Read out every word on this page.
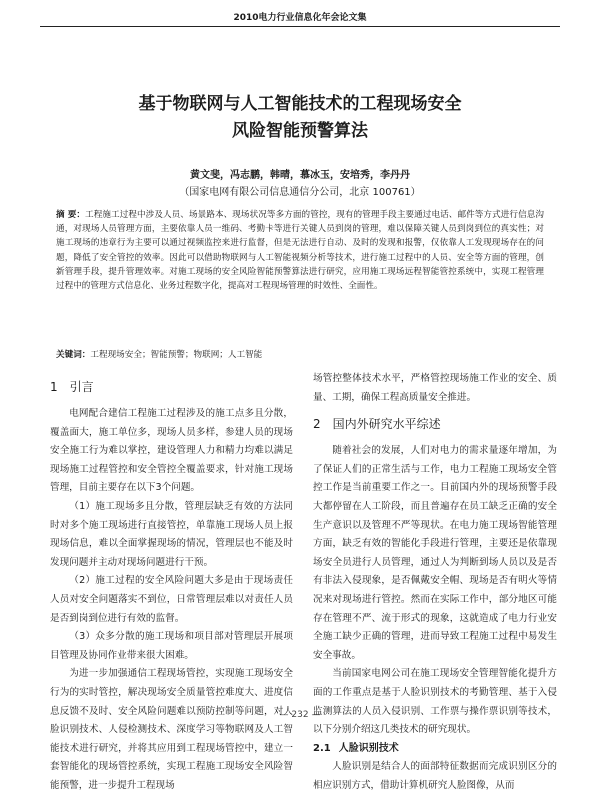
2010电力行业信息化年会论文集
基于物联网与人工智能技术的工程现场安全
风险智能预警算法
黄文斐，冯志鹏，韩晴，慕冰玉，安培秀，李丹丹
（国家电网有限公司信息通信分公司，北京 100761）
摘 要：工程施工过程中涉及人员、场景路本、现场状况等多方面的管控，现有的管理手段主要通过电话、邮件等方式进行信息沟通，对现场人员管理方面，主要依靠人员一维码、考勤卡等进行关键人员到岗的管理，难以保障关键人员到岗到位的真实性；对施工现场的违章行为主要可以通过视频监控来进行监督，但是无法进行自动、及时的发现和报警，仅依靠人工发现现场存在的问题，降低了安全管控的效率。因此可以借助物联网与人工智能视频分析等技术，进行施工过程中的人员、安全等方面的管理，创新管理手段，提升管理效率。对施工现场的安全风险智能预警算法进行研究，应用施工现场远程智能管控系统中，实现工程管理过程中的管理方式信息化、业务过程数字化，提高对工程现场管理的时效性、全面性。
关键词：工程现场安全；智能预警；物联网；人工智能
1 引言

电网配合建信工程施工过程涉及的施工点多且分散，覆盖面大，施工单位多，现场人员多样，参建人员的现场安全施工行为难以掌控，建设管理人力和精力均难以满足现场施工过程管控和安全管控全覆盖要求，针对施工现场管理，目前主要存在以下3个问题。

（1）施工现场多且分散，管理层缺乏有效的方法同时对多个施工现场进行直接管控，单靠施工现场人员上报现场信息，难以全面掌握现场的情况，管理层也不能及时发现问题并主动对现场问题进行干预。

（2）施工过程的安全风险问题大多是由于现场责任人员对安全问题落实不到位，日常管理层难以对责任人员是否到岗到位进行有效的监督。

（3）众多分散的施工现场和项目部对管理层开展项目管理及协同作业带来很大困难。

为进一步加强通信工程现场管控，实现施工现场安全行为的实时管控，解决现场安全质量管控难度大、进度信息反馈不及时、安全风险问题难以预防控制等问题，对人脸识别技术、人侵检测技术、深度学习等物联网及人工智能技术进行研究，并将其应用到工程现场管控中，建立一套智能化的现场管控系统，实现工程施工现场安全风险智能预警，进一步提升工程现场

场管控整体技术水平，严格管控现场施工作业的安全、质量、工期，确保工程高质量安全推进。

2 国内外研究水平综述

随着社会的发展，人们对电力的需求量逐年增加，为了保证人们的正常生活与工作，电力工程施工现场安全管控工作是当前重要工作之一。目前国内外的现场预警手段大都停留在人工阶段，而且普遍存在员工缺乏正确的安全生产意识以及管理不严等现状。在电力施工现场智能管理方面，缺乏有效的智能化手段进行管理，主要还是依靠现场安全员进行人员管理，通过人为判断到场人员以及是否有非法入侵现象，是否佩戴安全帽、现场是否有明火等情况来对现场进行管控。然而在实际工作中，部分地区可能存在管理不严、流于形式的现象，这就造成了电力行业安全施工缺少正确的管理，进而导致工程施工过程中易发生安全事故。

当前国家电网公司在施工现场安全管理智能化提升方面的工作重点是基于人脸识别技术的考勤管理、基于入侵监测算法的人员入侵识别、工作票与操作票识别等技术，以下分别介绍这几类技术的研究现状。

2.1 人脸识别技术

人脸识别是结合人的面部特征数据而完成识别区分的相应识别方式，借助计算机研究人脸图像，从而

— 232 —
